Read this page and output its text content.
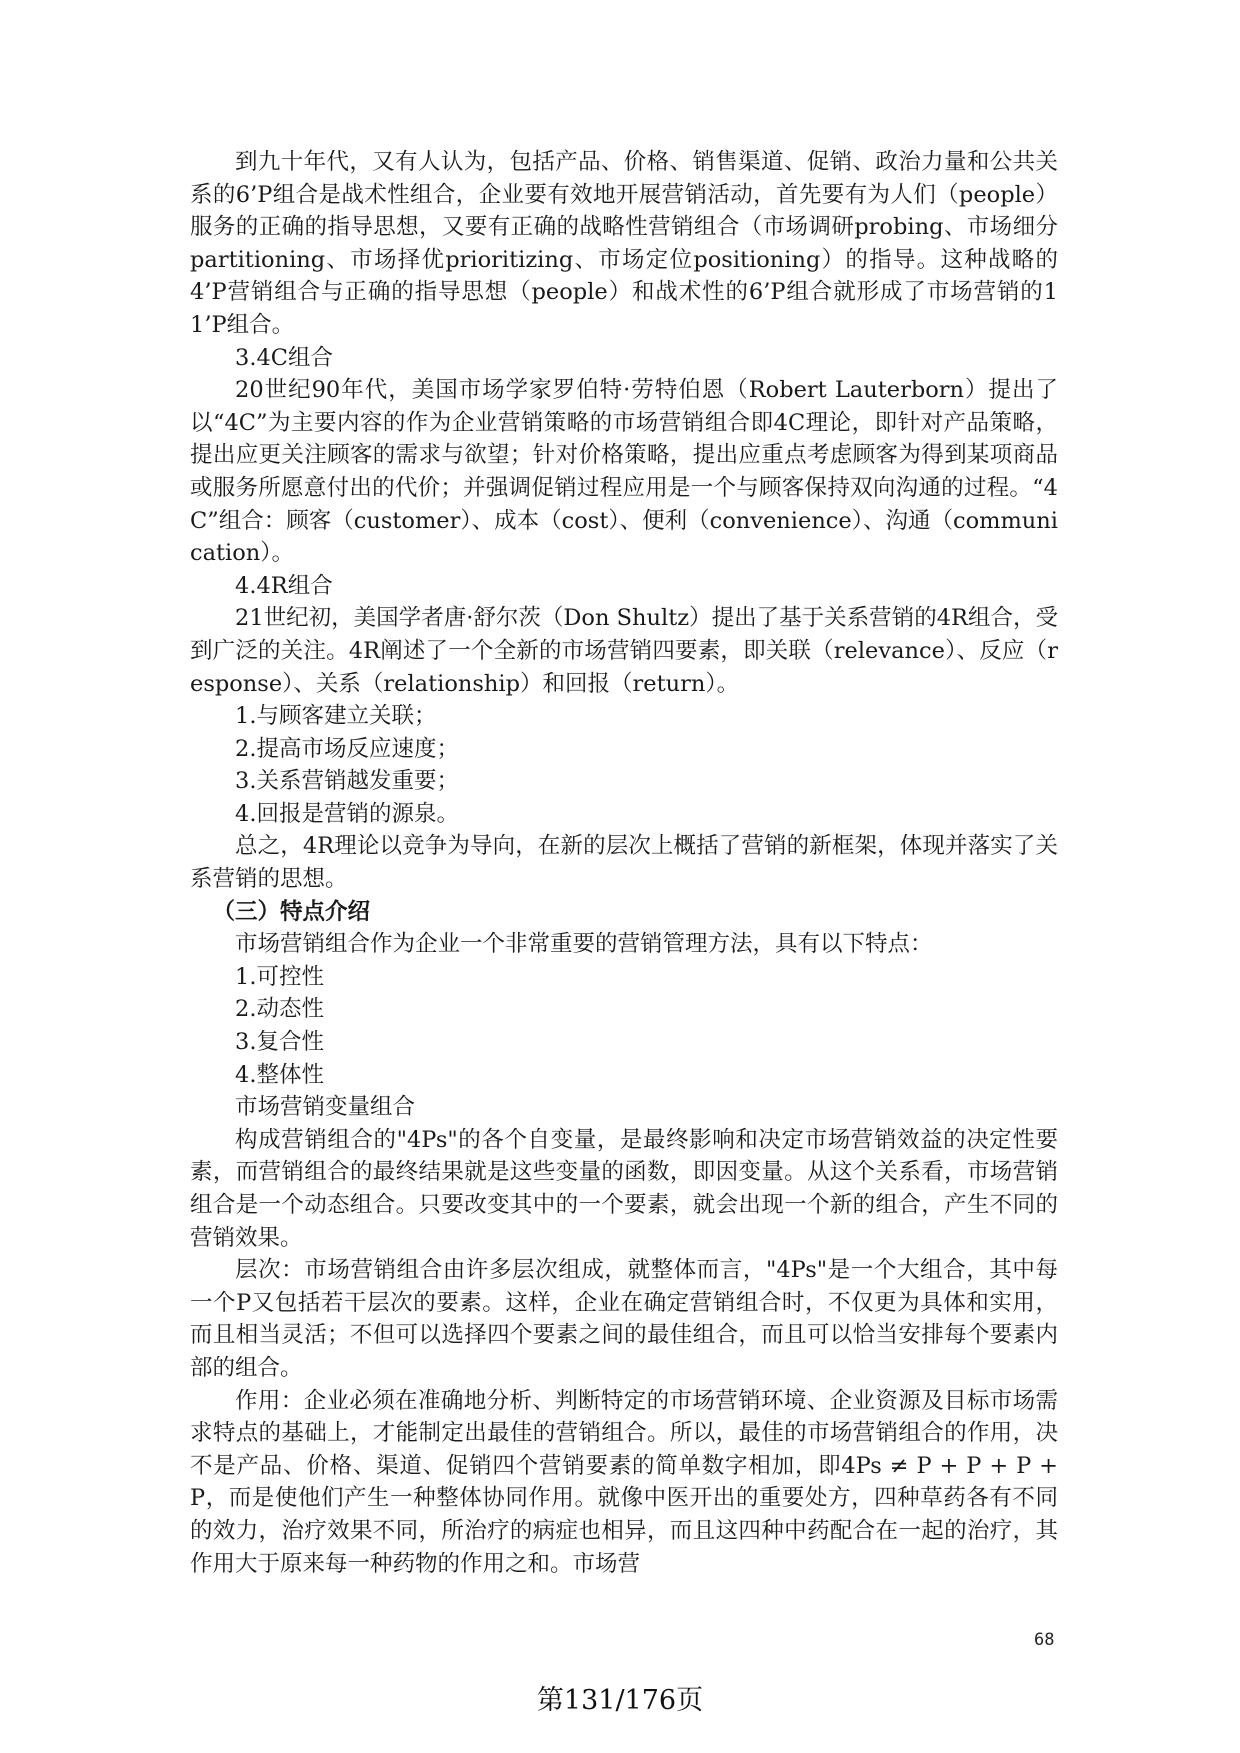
到九十年代，又有人认为，包括产品、价格、销售渠道、促销、政治力量和公共关系的6’P组合是战术性组合，企业要有效地开展营销活动，首先要有为人们（people）服务的正确的指导思想，又要有正确的战略性营销组合（市场调研probing、市场细分partitioning、市场择优prioritizing、市场定位positioning）的指导。这种战略的4’P营销组合与正确的指导思想（people）和战术性的6’P组合就形成了市场营销的11’P组合。

3.4C组合

20世纪90年代，美国市场学家罗伯特·劳特伯恩（Robert Lauterborn）提出了以“4C”为主要内容的作为企业营销策略的市场营销组合即4C理论，即针对产品策略，提出应更关注顾客的需求与欲望；针对价格策略，提出应重点考虑顾客为得到某项商品或服务所愿意付出的代价；并强调促销过程应用是一个与顾客保持双向沟通的过程。“4C”组合：顾客（customer）、成本（cost）、便利（convenience）、沟通（communication）。

4.4R组合

21世纪初，美国学者唐·舒尔茨（Don Shultz）提出了基于关系营销的4R组合，受到广泛的关注。4R阐述了一个全新的市场营销四要素，即关联（relevance）、反应（response）、关系（relationship）和回报（return）。

1.与顾客建立关联；

2.提高市场反应速度；

3.关系营销越发重要；

4.回报是营销的源泉。

总之，4R理论以竞争为导向，在新的层次上概括了营销的新框架，体现并落实了关系营销的思想。

（三）特点介绍

市场营销组合作为企业一个非常重要的营销管理方法，具有以下特点：

1.可控性

2.动态性

3.复合性

4.整体性

市场营销变量组合

构成营销组合的"4Ps"的各个自变量，是最终影响和决定市场营销效益的决定性要素，而营销组合的最终结果就是这些变量的函数，即因变量。从这个关系看，市场营销组合是一个动态组合。只要改变其中的一个要素，就会出现一个新的组合，产生不同的营销效果。

层次：市场营销组合由许多层次组成，就整体而言，"4Ps"是一个大组合，其中每一个P又包括若干层次的要素。这样，企业在确定营销组合时，不仅更为具体和实用，而且相当灵活；不但可以选择四个要素之间的最佳组合，而且可以恰当安排每个要素内部的组合。

作用：企业必须在准确地分析、判断特定的市场营销环境、企业资源及目标市场需求特点的基础上，才能制定出最佳的营销组合。所以，最佳的市场营销组合的作用，决不是产品、价格、渠道、促销四个营销要素的简单数字相加，即4Ps ≠ P + P + P + P，而是使他们产生一种整体协同作用。就像中医开出的重要处方，四种草药各有不同的效力，治疗效果不同，所治疗的病症也相异，而且这四种中药配合在一起的治疗，其作用大于原来每一种药物的作用之和。市场营

68
第131/176页
